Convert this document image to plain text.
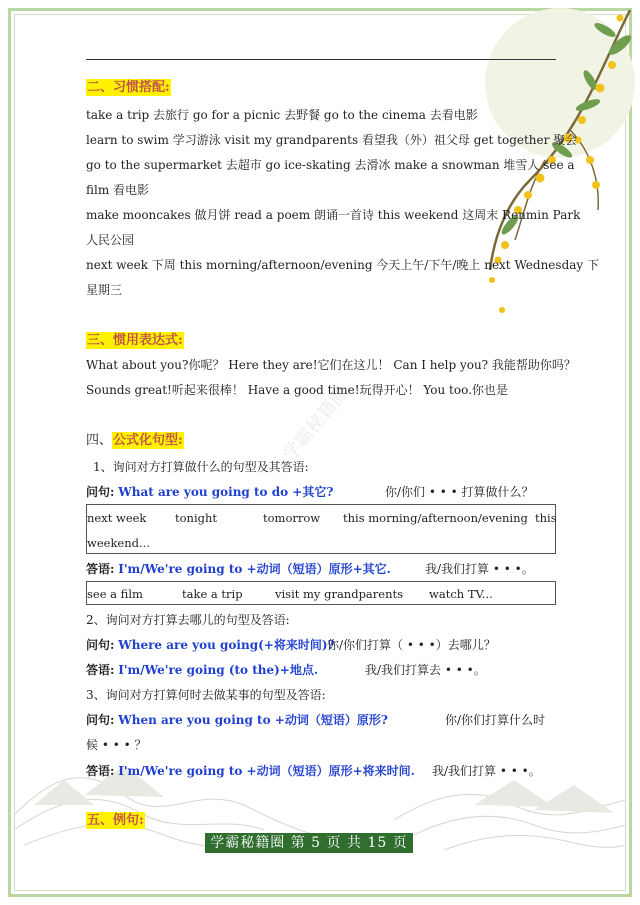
学霸秘籍圈
二、习惯搭配:
take a trip 去旅行 go for a picnic 去野餐 go to the cinema 去看电影
learn to swim 学习游泳 visit my grandparents 看望我（外）祖父母 get together 聚会
go to the supermarket 去超市 go ice-skating 去滑冰 make a snowman 堆雪人 see a
film 看电影
make mooncakes 做月饼 read a poem 朗诵一首诗 this weekend 这周末 Renmin Park
人民公园
next week 下周 this morning/afternoon/evening 今天上午/下午/晚上 next Wednesday 下
星期三
三、惯用表达式:
What about you?你呢？ Here they are!它们在这儿！ Can I help you? 我能帮助你吗？
Sounds great!听起来很棒！ Have a good time!玩得开心！ You too.你也是
四、公式化句型:
1、询问对方打算做什么的句型及其答语:
问句: What are you going to do +其它?	你/你们 • • • 打算做什么？
next week tonight	tomorrow this morning/afternoon/evening this
weekend...
答语: I'm/We're going to +动词（短语）原形+其它.	我/我们打算 • • •。
see a film	take a trip	visit my grandparents watch TV...
2、询问对方打算去哪儿的句型及答语:
问句: Where are you going(+将来时间)?
你/你们打算（ • • •）去哪儿？
答语: I'm/We're going (to the)+地点.	我/我们打算去 • • •。
3、询问对方打算何时去做某事的句型及答语:
问句: When are you going to +动词（短语）原形?	你/你们打算什么时
候 • • • ？
答语: I'm/We're going to +动词（短语）原形+将来时间. 我/我们打算 • • •。
五、例句:
学霸秘籍圈 第 5 页 共 15 页
